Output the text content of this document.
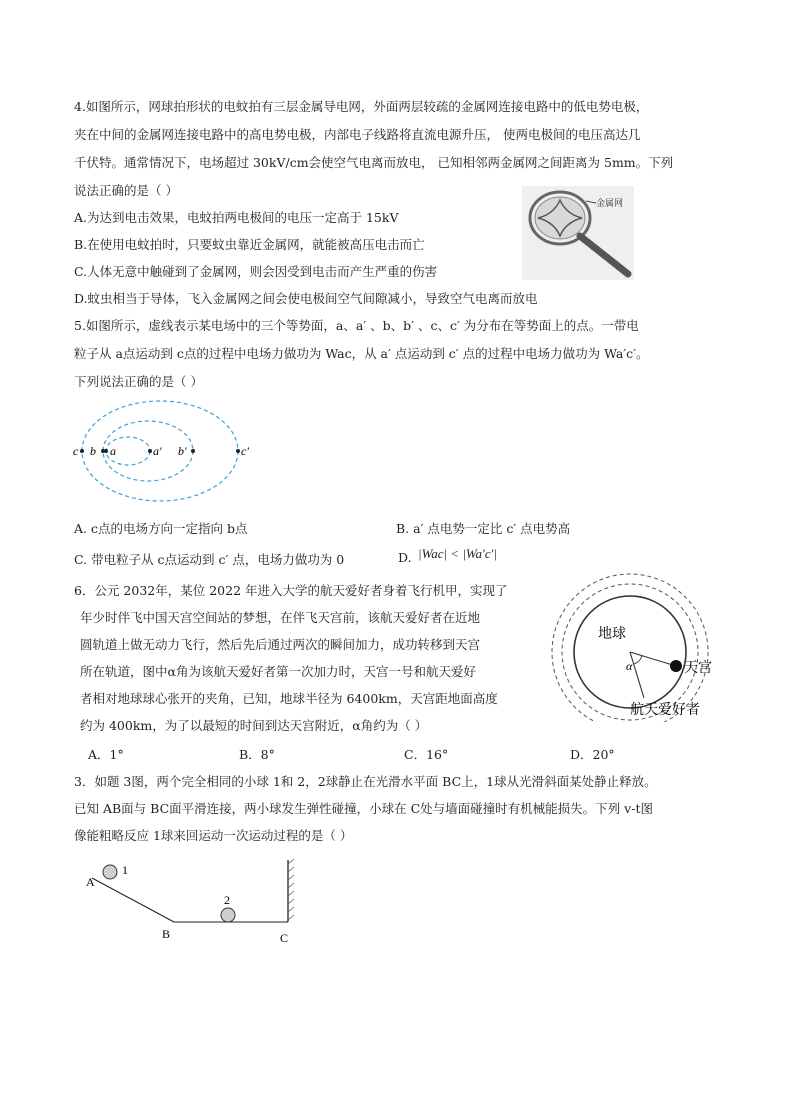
4.如图所示，网球拍形状的电蚊拍有三层金属导电网，外面两层较疏的金属网连接电路中的低电势电极，
夹在中间的金属网连接电路中的高电势电极，内部电子线路将直流电源升压， 使两电极间的电压高达几
千伏特。通常情况下，电场超过 30kV/cm会使空气电离而放电， 已知相邻两金属网之间距离为 5mm。下列
说法正确的是（ ）
A.为达到电击效果，电蚊拍两电极间的电压一定高于 15kV
B.在使用电蚊拍时，只要蚊虫靠近金属网，就能被高压电击而亡
C.人体无意中触碰到了金属网，则会因受到电击而产生严重的伤害
D.蚊虫相当于导体，飞入金属网之间会使电极间空气间隙减小，导致空气电离而放电
金属网
5.如图所示，虚线表示某电场中的三个等势面，a、a′ 、b、b′ 、c、c′ 为分布在等势面上的点。一带电
粒子从 a点运动到 c点的过程中电场力做功为 Wac，从 a′ 点运动到 c′ 点的过程中电场力做功为 Wa′c′。
下列说法正确的是（ ）
c b a	a′ b′	c′
A. c点的电场方向一定指向 b点	B. a′ 点电势一定比 c′ 点电势高
C. 带电粒子从 c点运动到 c′ 点，电场力做功为 0	D. |Wac| < |Wa′c′|
6．公元 2032年，某位 2022 年进入大学的航天爱好者身着飞行机甲，实现了
年少时伴飞中国天宫空间站的梦想，在伴飞天宫前，该航天爱好者在近地
圆轨道上做无动力飞行，然后先后通过两次的瞬间加力，成功转移到天宫
所在轨道，图中α角为该航天爱好者第一次加力时，天宫一号和航天爱好
者相对地球球心张开的夹角，已知，地球半径为 6400km，天宫距地面高度
约为 400km，为了以最短的时间到达天宫附近，α角约为（ ）
A．1°	B．8°	C．16°	D．20°
地球
α	天宫
航天爱好者
3．如题 3图，两个完全相同的小球 1和 2，2球静止在光滑水平面 BC上，1球从光滑斜面某处静止释放。
已知 AB面与 BC面平滑连接，两小球发生弹性碰撞，小球在 C处与墙面碰撞时有机械能损失。下列 v-t图
像能粗略反应 1球来回运动一次运动过程的是（ ）
A
1
2
B	C
